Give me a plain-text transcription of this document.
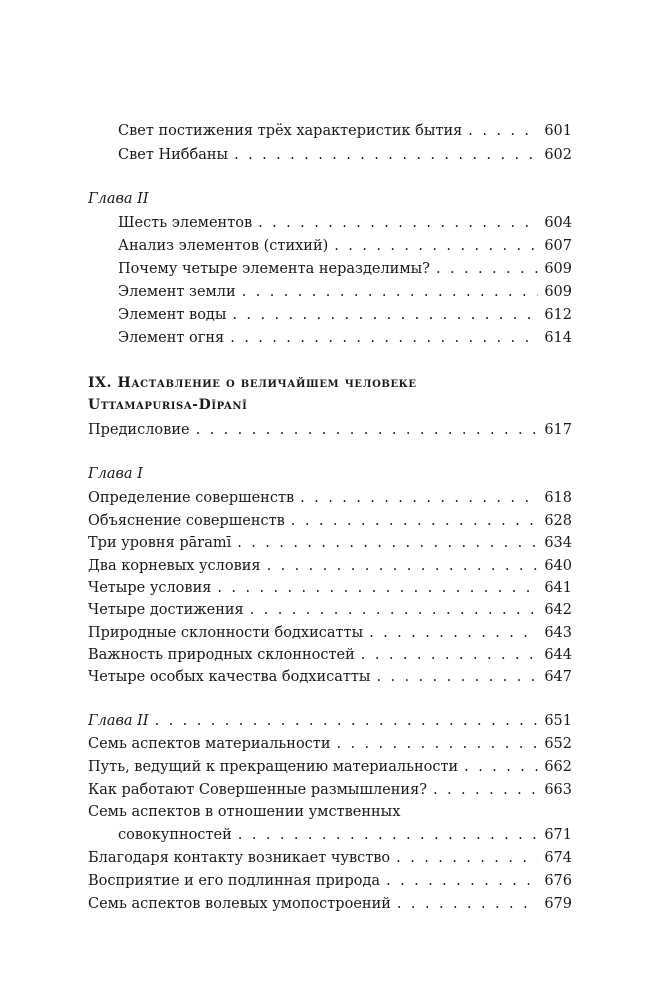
Свет постижения трёх характеристик бытия . . .	601
Свет Ниббаны . . .	602
Глава II
Шесть элементов . . .	604
Анализ элементов (стихий) . . .	607
Почему четыре элемента неразделимы? . . .	609
Элемент земли . . .	609
Элемент воды . . .	612
Элемент огня . . .	614
IX. Наставление о величайшем человеке
Uttamapurisa-Dīpanī
Предисловие . . .	617
Глава I
Определение совершенств . . .	618
Объяснение совершенств . . .	628
Три уровня pāramī . . .	634
Два корневых условия . . .	640
Четыре условия . . .	641
Четыре достижения . . .	642
Природные склонности бодхисатты . . .	643
Важность природных склонностей . . .	644
Четыре особых качества бодхисатты . . .	647
Глава II . . .	651
Семь аспектов материальности . . .	652
Путь, ведущий к прекращению материальности . . .	662
Как работают Совершенные размышления? . . .	663
Семь аспектов в отношении умственных
совокупностей . . .	671
Благодаря контакту возникает чувство . . .	674
Восприятие и его подлинная природа . . .	676
Семь аспектов волевых умопостроений . . .	679
